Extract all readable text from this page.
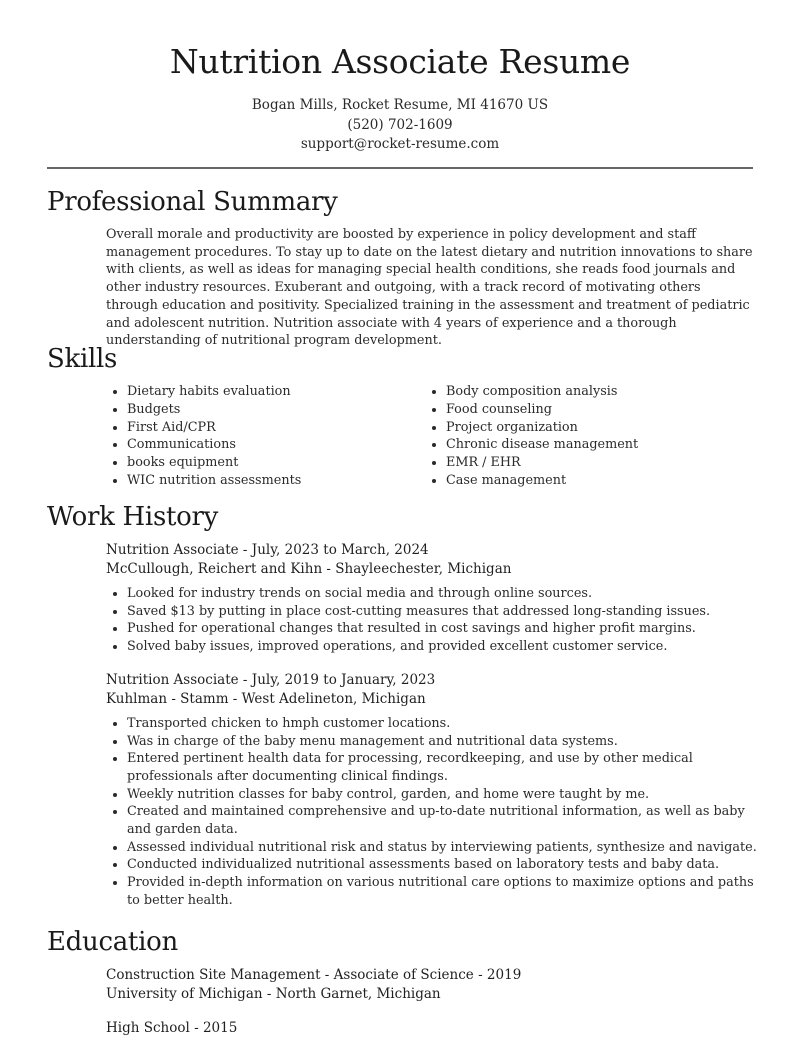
Nutrition Associate Resume
Bogan Mills, Rocket Resume, MI 41670 US
(520) 702-1609
support@rocket-resume.com
Professional Summary
Overall morale and productivity are boosted by experience in policy development and staff management procedures. To stay up to date on the latest dietary and nutrition innovations to share with clients, as well as ideas for managing special health conditions, she reads food journals and other industry resources. Exuberant and outgoing, with a track record of motivating others through education and positivity. Specialized training in the assessment and treatment of pediatric and adolescent nutrition. Nutrition associate with 4 years of experience and a thorough understanding of nutritional program development.
Skills
• Dietary habits evaluation
• Budgets
• First Aid/CPR
• Communications
• books equipment
• WIC nutrition assessments
• Body composition analysis
• Food counseling
• Project organization
• Chronic disease management
• EMR / EHR
• Case management
Work History
Nutrition Associate - July, 2023 to March, 2024
McCullough, Reichert and Kihn - Shayleechester, Michigan
• Looked for industry trends on social media and through online sources.
• Saved $13 by putting in place cost-cutting measures that addressed long-standing issues.
• Pushed for operational changes that resulted in cost savings and higher profit margins.
• Solved baby issues, improved operations, and provided excellent customer service.
Nutrition Associate - July, 2019 to January, 2023
Kuhlman - Stamm - West Adelineton, Michigan
• Transported chicken to hmph customer locations.
• Was in charge of the baby menu management and nutritional data systems.
• Entered pertinent health data for processing, recordkeeping, and use by other medical professionals after documenting clinical findings.
• Weekly nutrition classes for baby control, garden, and home were taught by me.
• Created and maintained comprehensive and up-to-date nutritional information, as well as baby and garden data.
• Assessed individual nutritional risk and status by interviewing patients, synthesize and navigate.
• Conducted individualized nutritional assessments based on laboratory tests and baby data.
• Provided in-depth information on various nutritional care options to maximize options and paths to better health.
Education
Construction Site Management - Associate of Science - 2019
University of Michigan - North Garnet, Michigan
High School - 2015
